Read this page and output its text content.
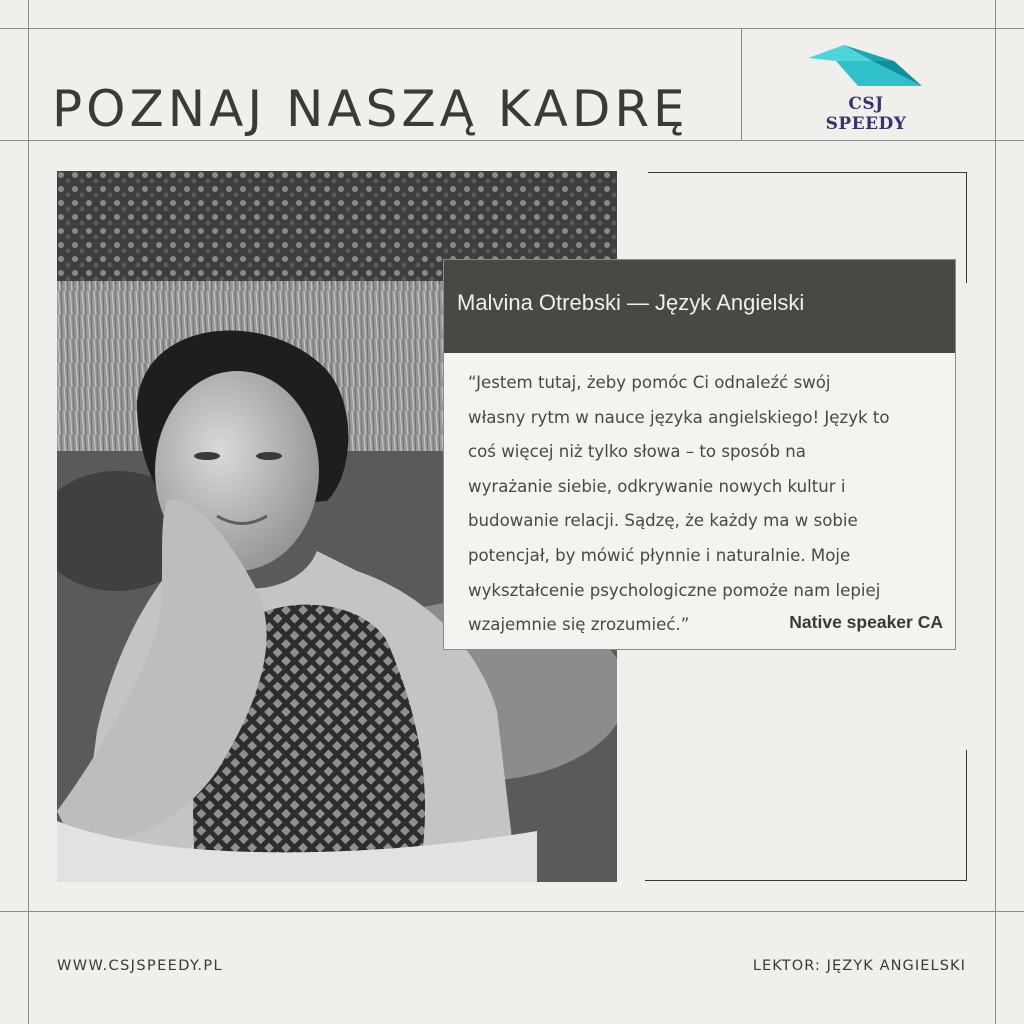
POZNAJ NASZĄ KADRĘ	CSJ SPEEDY
Malvina Otrebski — Język Angielski
“Jestem tutaj, żeby pomóc Ci odnaleźć swój
własny rytm w nauce języka angielskiego! Język to
coś więcej niż tylko słowa – to sposób na
wyrażanie siebie, odkrywanie nowych kultur i
budowanie relacji. Sądzę, że każdy ma w sobie
potencjał, by mówić płynnie i naturalnie. Moje
wykształcenie psychologiczne pomoże nam lepiej
wzajemnie się zrozumieć.”	Native speaker CA
WWW.CSJSPEEDY.PL	LEKTOR: JĘZYK ANGIELSKI
